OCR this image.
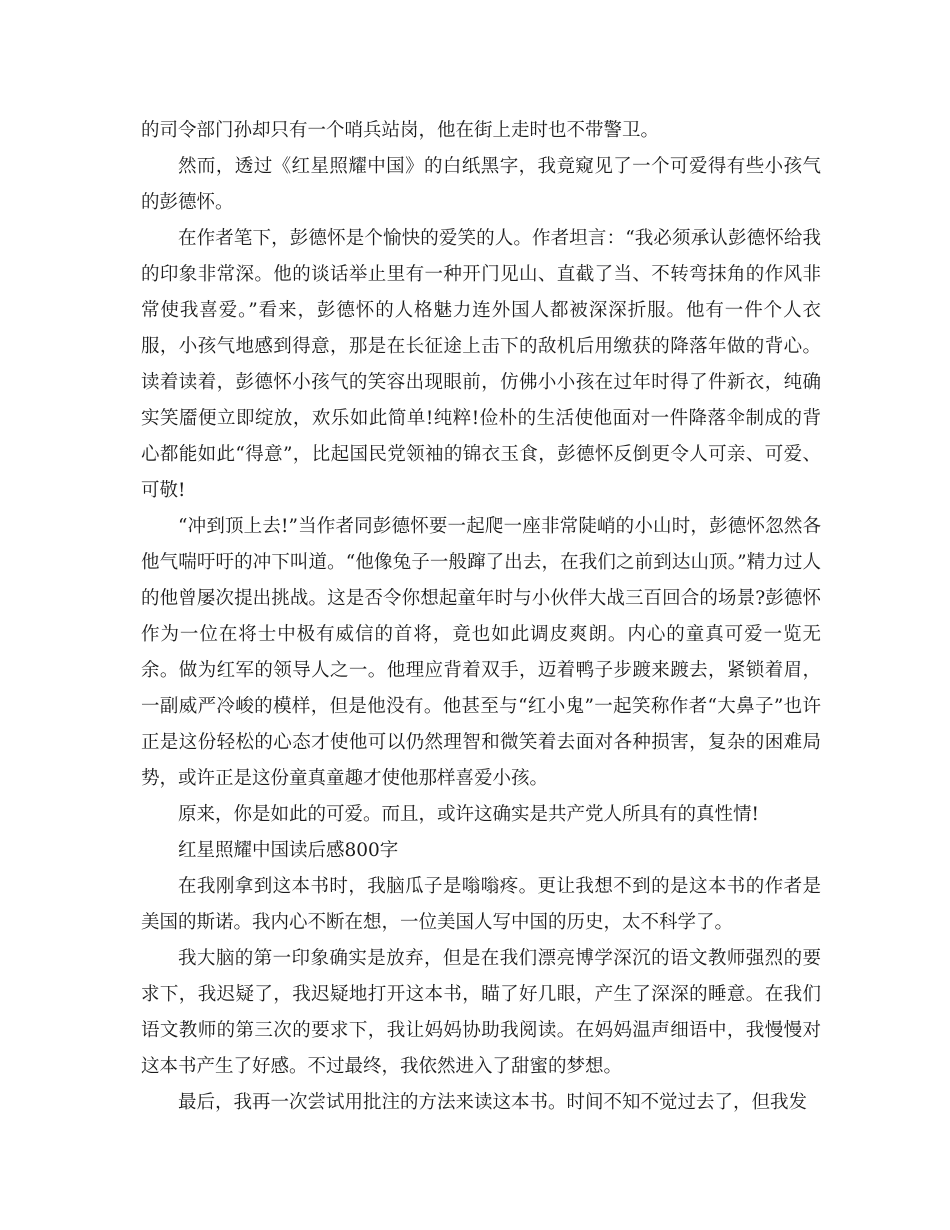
的司令部门孙却只有一个哨兵站岗，他在街上走时也不带警卫。

然而，透过《红星照耀中国》的白纸黑字，我竟窥见了一个可爱得有些小孩气的彭德怀。

在作者笔下，彭德怀是个愉快的爱笑的人。作者坦言：“我必须承认彭德怀给我的印象非常深。他的谈话举止里有一种开门见山、直截了当、不转弯抹角的作风非常使我喜爱。”看来，彭德怀的人格魅力连外国人都被深深折服。他有一件个人衣服，小孩气地感到得意，那是在长征途上击下的敌机后用缴获的降落年做的背心。读着读着，彭德怀小孩气的笑容出现眼前，仿佛小小孩在过年时得了件新衣，纯确实笑靥便立即绽放，欢乐如此简单!纯粹!俭朴的生活使他面对一件降落伞制成的背心都能如此“得意”，比起国民党领袖的锦衣玉食，彭德怀反倒更令人可亲、可爱、可敬!

“冲到顶上去!”当作者同彭德怀要一起爬一座非常陡峭的小山时，彭德怀忽然各他气喘吁吁的冲下叫道。“他像兔子一般蹿了出去，在我们之前到达山顶。”精力过人的他曾屡次提出挑战。这是否令你想起童年时与小伙伴大战三百回合的场景?彭德怀作为一位在将士中极有威信的首将，竟也如此调皮爽朗。内心的童真可爱一览无余。做为红军的领导人之一。他理应背着双手，迈着鸭子步踱来踱去，紧锁着眉，一副威严冷峻的模样，但是他没有。他甚至与“红小鬼”一起笑称作者“大鼻子”也许正是这份轻松的心态才使他可以仍然理智和微笑着去面对各种损害，复杂的困难局势，或许正是这份童真童趣才使他那样喜爱小孩。

原来，你是如此的可爱。而且，或许这确实是共产党人所具有的真性情!

红星照耀中国读后感800字

在我刚拿到这本书时，我脑瓜子是嗡嗡疼。更让我想不到的是这本书的作者是美国的斯诺。我内心不断在想，一位美国人写中国的历史，太不科学了。

我大脑的第一印象确实是放弃，但是在我们漂亮博学深沉的语文教师强烈的要求下，我迟疑了，我迟疑地打开这本书，瞄了好几眼，产生了深深的睡意。在我们语文教师的第三次的要求下，我让妈妈协助我阅读。在妈妈温声细语中，我慢慢对这本书产生了好感。不过最终，我依然进入了甜蜜的梦想。

最后，我再一次尝试用批注的方法来读这本书。时间不知不觉过去了，但我发
